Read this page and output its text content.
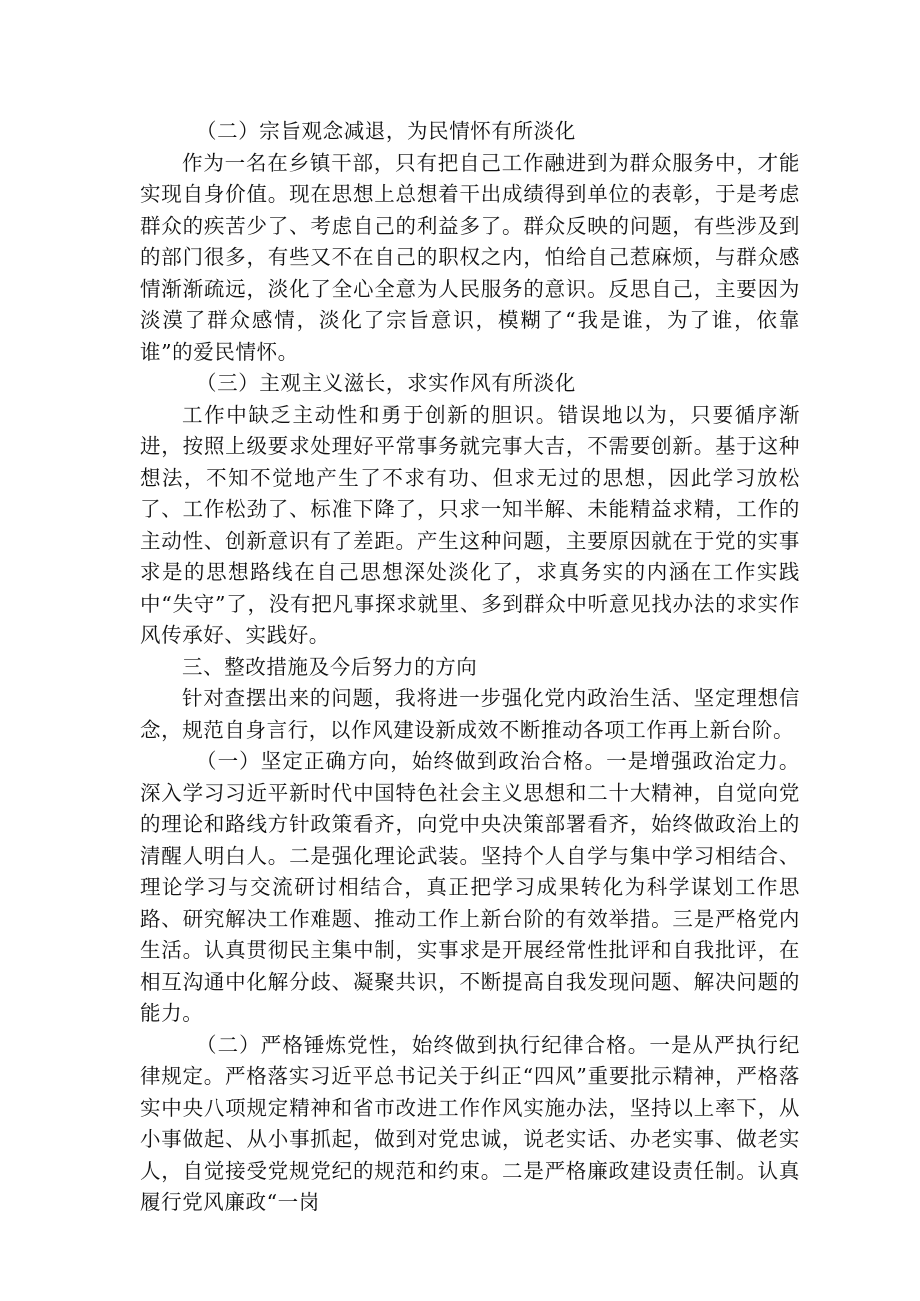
（二）宗旨观念减退，为民情怀有所淡化

作为一名在乡镇干部，只有把自己工作融进到为群众服务中，才能实现自身价值。现在思想上总想着干出成绩得到单位的表彰，于是考虑群众的疾苦少了、考虑自己的利益多了。群众反映的问题，有些涉及到的部门很多，有些又不在自己的职权之内，怕给自己惹麻烦，与群众感情渐渐疏远，淡化了全心全意为人民服务的意识。反思自己，主要因为淡漠了群众感情，淡化了宗旨意识，模糊了“我是谁，为了谁，依靠谁”的爱民情怀。

（三）主观主义滋长，求实作风有所淡化

工作中缺乏主动性和勇于创新的胆识。错误地以为，只要循序渐进，按照上级要求处理好平常事务就完事大吉，不需要创新。基于这种想法，不知不觉地产生了不求有功、但求无过的思想，因此学习放松了、工作松劲了、标准下降了，只求一知半解、未能精益求精，工作的主动性、创新意识有了差距。产生这种问题，主要原因就在于党的实事求是的思想路线在自己思想深处淡化了，求真务实的内涵在工作实践中“失守”了，没有把凡事探求就里、多到群众中听意见找办法的求实作风传承好、实践好。

三、整改措施及今后努力的方向

针对查摆出来的问题，我将进一步强化党内政治生活、坚定理想信念，规范自身言行，以作风建设新成效不断推动各项工作再上新台阶。

（一）坚定正确方向，始终做到政治合格。一是增强政治定力。深入学习习近平新时代中国特色社会主义思想和二十大精神，自觉向党的理论和路线方针政策看齐，向党中央决策部署看齐，始终做政治上的清醒人明白人。二是强化理论武装。坚持个人自学与集中学习相结合、理论学习与交流研讨相结合，真正把学习成果转化为科学谋划工作思路、研究解决工作难题、推动工作上新台阶的有效举措。三是严格党内生活。认真贯彻民主集中制，实事求是开展经常性批评和自我批评，在相互沟通中化解分歧、凝聚共识，不断提高自我发现问题、解决问题的能力。

（二）严格锤炼党性，始终做到执行纪律合格。一是从严执行纪律规定。严格落实习近平总书记关于纠正“四风”重要批示精神，严格落实中央八项规定精神和省市改进工作作风实施办法，坚持以上率下，从小事做起、从小事抓起，做到对党忠诚，说老实话、办老实事、做老实人，自觉接受党规党纪的规范和约束。二是严格廉政建设责任制。认真履行党风廉政“一岗
